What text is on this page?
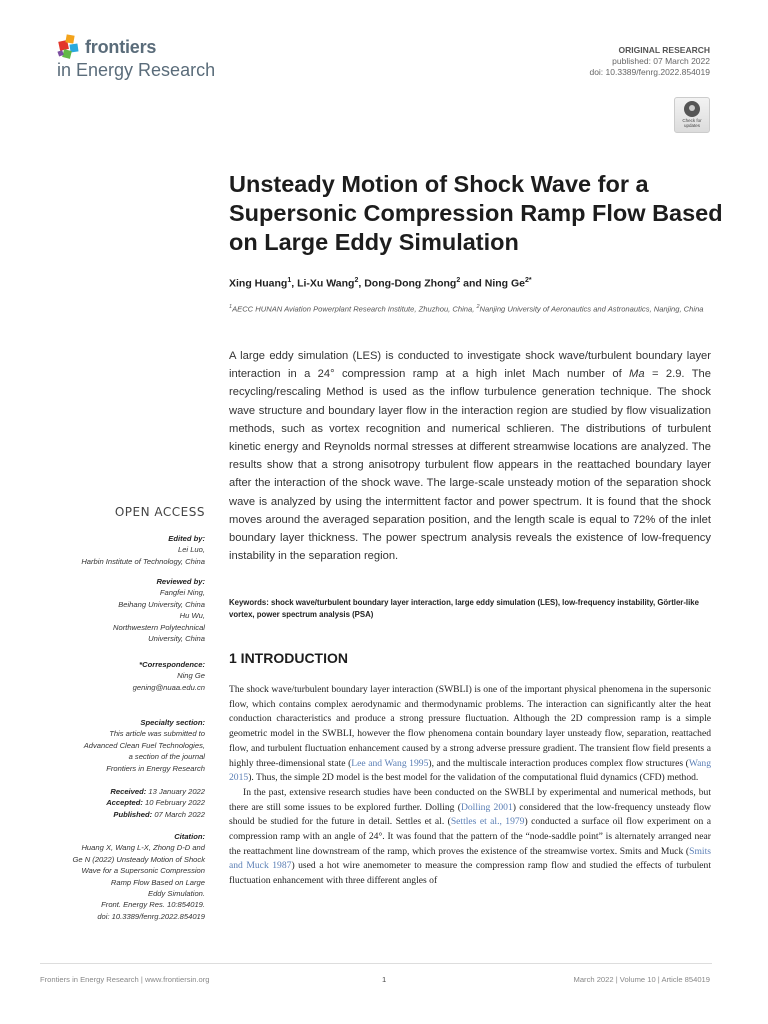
frontiers
in Energy Research
ORIGINAL RESEARCH
published: 07 March 2022
doi: 10.3389/fenrg.2022.854019
Check for
updates
Unsteady Motion of Shock Wave for a Supersonic Compression Ramp Flow Based on Large Eddy Simulation
Xing Huang$^1$, Li-Xu Wang$^2$, Dong-Dong Zhong$^2$ and Ning $Ge^{2*}$
$^1$AECC HUNAN Aviation Powerplant Research Institute, Zhuzhou, China, $^2$Nanjing University of Aeronautics and Astronautics, Nanjing, China
A large eddy simulation (LES) is conducted to investigate shock wave/turbulent boundary layer interaction in a 24° compression ramp at a high inlet Mach number of Ma = 2.9. The recycling/rescaling Method is used as the inflow turbulence generation technique. The shock wave structure and boundary layer flow in the interaction region are studied by flow visualization methods, such as vortex recognition and numerical schlieren. The distributions of turbulent kinetic energy and Reynolds normal stresses at different streamwise locations are analyzed. The results show that a strong anisotropy turbulent flow appears in the reattached boundary layer after the interaction of the shock wave. The large-scale unsteady motion of the separation shock wave is analyzed by using the intermittent factor and power spectrum. It is found that the shock moves around the averaged separation position, and the length scale is equal to 72% of the inlet boundary layer thickness. The power spectrum analysis reveals the existence of low-frequency instability in the separation region.
Keywords: shock wave/turbulent boundary layer interaction, large eddy simulation (LES), low-frequency instability, Görtler-like vortex, power spectrum analysis (PSA)
OPEN ACCESS
Edited by:
Lei Luo,
Harbin Institute of Technology, China
Reviewed by:
Fangfei Ning,
Beihang University, China
Hu Wu,
Northwestern Polytechnical
University, China
*Correspondence:
Ning Ge
gening@nuaa.edu.cn
Specialty section:
This article was submitted to
Advanced Clean Fuel Technologies,
a section of the journal
Frontiers in Energy Research
Received: 13 January 2022
Accepted: 10 February 2022
Published: 07 March 2022
Citation:
Huang X, Wang L-X, Zhong D-D and
Ge N (2022) Unsteady Motion of Shock
Wave for a Supersonic Compression
Ramp Flow Based on Large
Eddy Simulation.
Front. Energy Res. 10:854019.
doi: 10.3389/fenrg.2022.854019
1 INTRODUCTION

The shock wave/turbulent boundary layer interaction (SWBLI) is one of the important physical phenomena in the supersonic flow, which contains complex aerodynamic and thermodynamic problems. The interaction can significantly alter the heat conduction characteristics and produce a strong pressure fluctuation. Although the 2D compression ramp is a simple geometric model in the SWBLI, however the flow phenomena contain boundary layer unsteady flow, separation, reattached flow, and turbulent fluctuation enhancement caused by a strong adverse pressure gradient. The transient flow field presents a highly three-dimensional state (Lee and Wang 1995), and the multiscale interaction produces complex flow structures (Wang 2015). Thus, the simple 2D model is the best model for the validation of the computational fluid dynamics (CFD) method.

In the past, extensive research studies have been conducted on the SWBLI by experimental and numerical methods, but there are still some issues to be explored further. Dolling (Dolling 2001) considered that the low-frequency unsteady flow should be studied for the future in detail. Settles et al. (Settles et al., 1979) conducted a surface oil flow experiment on a compression ramp with an angle of 24°. It was found that the pattern of the “node-saddle point” is alternately arranged near the reattachment line downstream of the ramp, which proves the existence of the streamwise vortex. Smits and Muck (Smits and Muck 1987) used a hot wire anemometer to measure the compression ramp flow and studied the effects of turbulent fluctuation enhancement with three different angles of

Frontiers in Energy Research | www.frontiersin.org	1	March 2022 | Volume 10 | Article 854019
